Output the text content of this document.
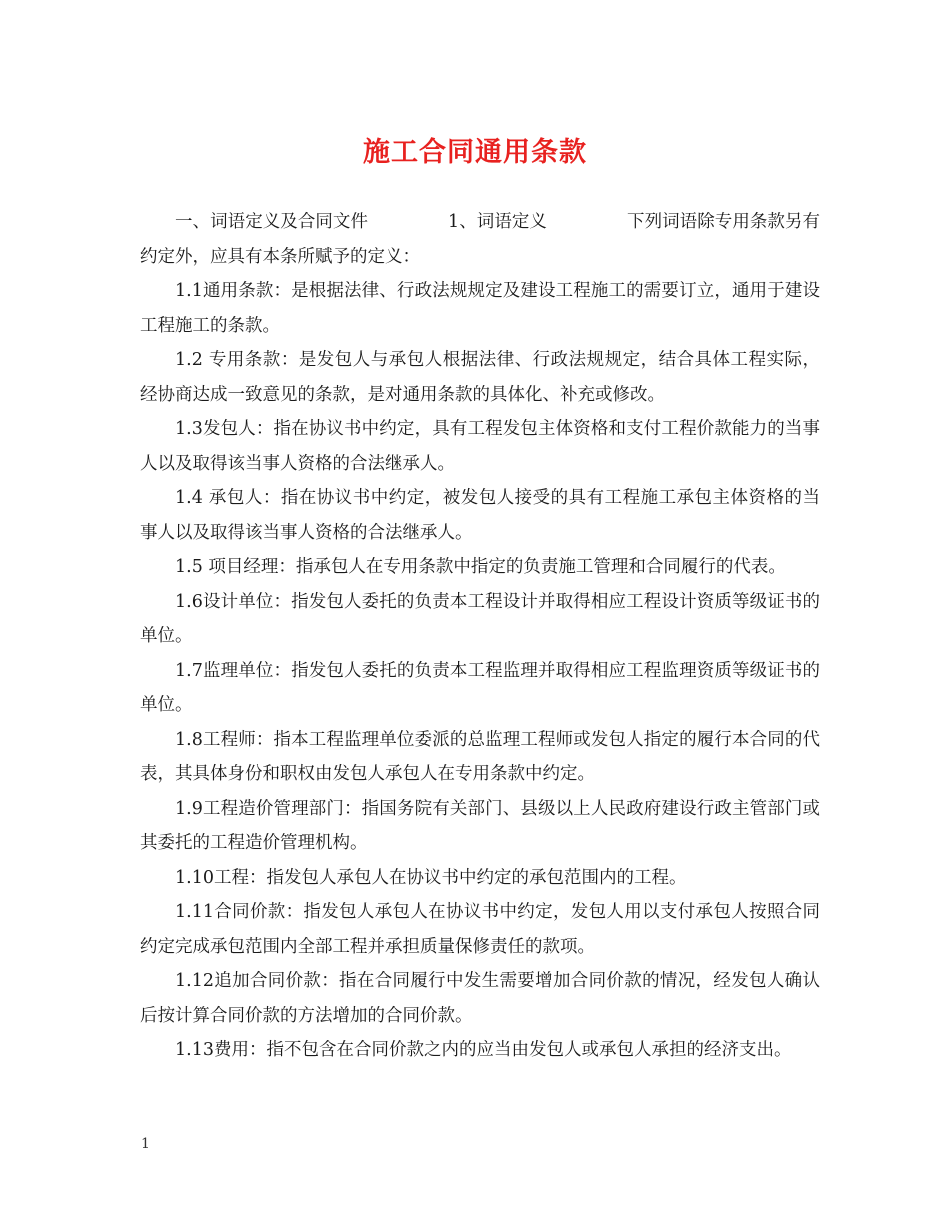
施工合同通用条款

一、词语定义及合同文件	1、词语定义	下列词语除专用条款另有约定外，应具有本条所赋予的定义：

1.1通用条款：是根据法律、行政法规规定及建设工程施工的需要订立，通用于建设工程施工的条款。

1.2 专用条款：是发包人与承包人根据法律、行政法规规定，结合具体工程实际，经协商达成一致意见的条款，是对通用条款的具体化、补充或修改。

1.3发包人：指在协议书中约定，具有工程发包主体资格和支付工程价款能力的当事人以及取得该当事人资格的合法继承人。

1.4 承包人：指在协议书中约定，被发包人接受的具有工程施工承包主体资格的当事人以及取得该当事人资格的合法继承人。

1.5 项目经理：指承包人在专用条款中指定的负责施工管理和合同履行的代表。

1.6设计单位：指发包人委托的负责本工程设计并取得相应工程设计资质等级证书的单位。

1.7监理单位：指发包人委托的负责本工程监理并取得相应工程监理资质等级证书的单位。

1.8工程师：指本工程监理单位委派的总监理工程师或发包人指定的履行本合同的代表，其具体身份和职权由发包人承包人在专用条款中约定。

1.9工程造价管理部门：指国务院有关部门、县级以上人民政府建设行政主管部门或其委托的工程造价管理机构。

1.10工程：指发包人承包人在协议书中约定的承包范围内的工程。

1.11合同价款：指发包人承包人在协议书中约定，发包人用以支付承包人按照合同约定完成承包范围内全部工程并承担质量保修责任的款项。

1.12追加合同价款：指在合同履行中发生需要增加合同价款的情况，经发包人确认后按计算合同价款的方法增加的合同价款。

1.13费用：指不包含在合同价款之内的应当由发包人或承包人承担的经济支出。

1
